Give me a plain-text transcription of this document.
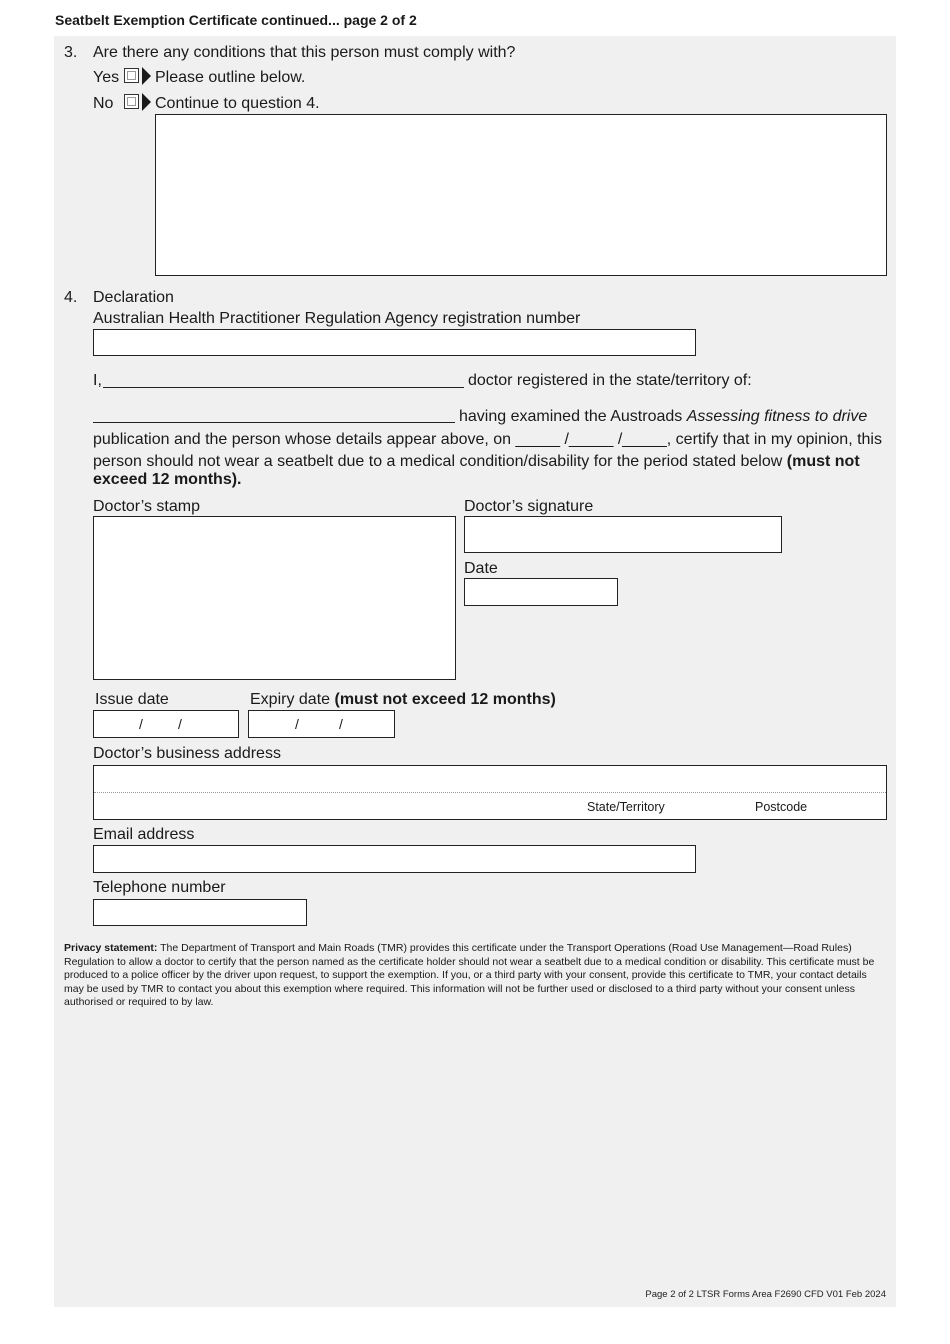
Seatbelt Exemption Certificate continued... page 2 of 2
3. Are there any conditions that this person must comply with?
Yes Please outline below.
No	Continue to question 4.
4. Declaration
Australian Health Practitioner Regulation Agency registration number
I,	doctor registered in the state/territory of:
having examined the Austroads Assessing fitness to drive
publication and the person whose details appear above, on _____ /_____ /_____, certify that in my opinion, this
person should not wear a seatbelt due to a medical condition/disability for the period stated below (must not exceed 12 months).
Doctor’s stamp	Doctor’s signature
Date
Issue date	Expiry date (must not exceed 12 months)
/	/	/	/
Doctor’s business address
State/Territory	Postcode
Email address
Telephone number
Privacy statement: The Department of Transport and Main Roads (TMR) provides this certificate under the Transport Operations (Road Use Management—Road Rules) Regulation to allow a doctor to certify that the person named as the certificate holder should not wear a seatbelt due to a medical condition or disability. This certificate must be produced to a police officer by the driver upon request, to support the exemption. If you, or a third party with your consent, provide this certificate to TMR, your contact details may be used by TMR to contact you about this exemption where required. This information will not be further used or disclosed to a third party without your consent unless authorised or required to by law.
Page 2 of 2 LTSR Forms Area F2690 CFD V01 Feb 2024
